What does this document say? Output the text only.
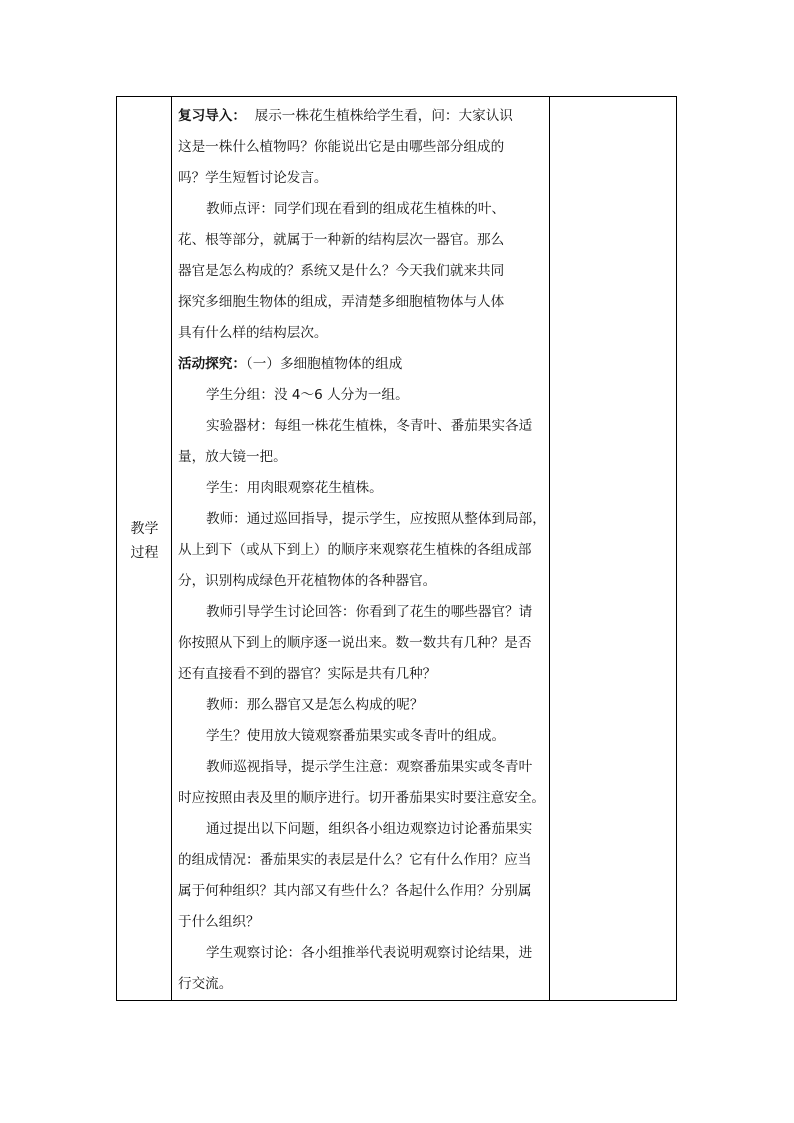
教学
过程
复习导入： 展示一株花生植株给学生看，问：大家认识
这是一株什么植物吗？你能说出它是由哪些部分组成的
吗？学生短暂讨论发言。
教师点评：同学们现在看到的组成花生植株的叶、
花、根等部分，就属于一种新的结构层次一器官。那么
器官是怎么构成的？系统又是什么？今天我们就来共同
探究多细胞生物体的组成，弄清楚多细胞植物体与人体
具有什么样的结构层次。
活动探究：（一）多细胞植物体的组成
学生分组：没 4～6 人分为一组。
实验器材：每组一株花生植株，冬青叶、番茄果实各适
量，放大镜一把。
学生：用肉眼观察花生植株。
教师：通过巡回指导，提示学生，应按照从整体到局部，
从上到下（或从下到上）的顺序来观察花生植株的各组成部
分，识别构成绿色开花植物体的各种器官。
教师引导学生讨论回答：你看到了花生的哪些器官？请
你按照从下到上的顺序逐一说出来。数一数共有几种？是否
还有直接看不到的器官？实际是共有几种？
教师：那么器官又是怎么构成的呢？
学生？使用放大镜观察番茄果实或冬青叶的组成。
教师巡视指导，提示学生注意：观察番茄果实或冬青叶
时应按照由表及里的顺序进行。切开番茄果实时要注意安全。
通过提出以下问题，组织各小组边观察边讨论番茄果实
的组成情况：番茄果实的表层是什么？它有什么作用？应当
属于何种组织？其内部又有些什么？各起什么作用？分别属
于什么组织？
学生观察讨论：各小组推举代表说明观察讨论结果，进
行交流。
